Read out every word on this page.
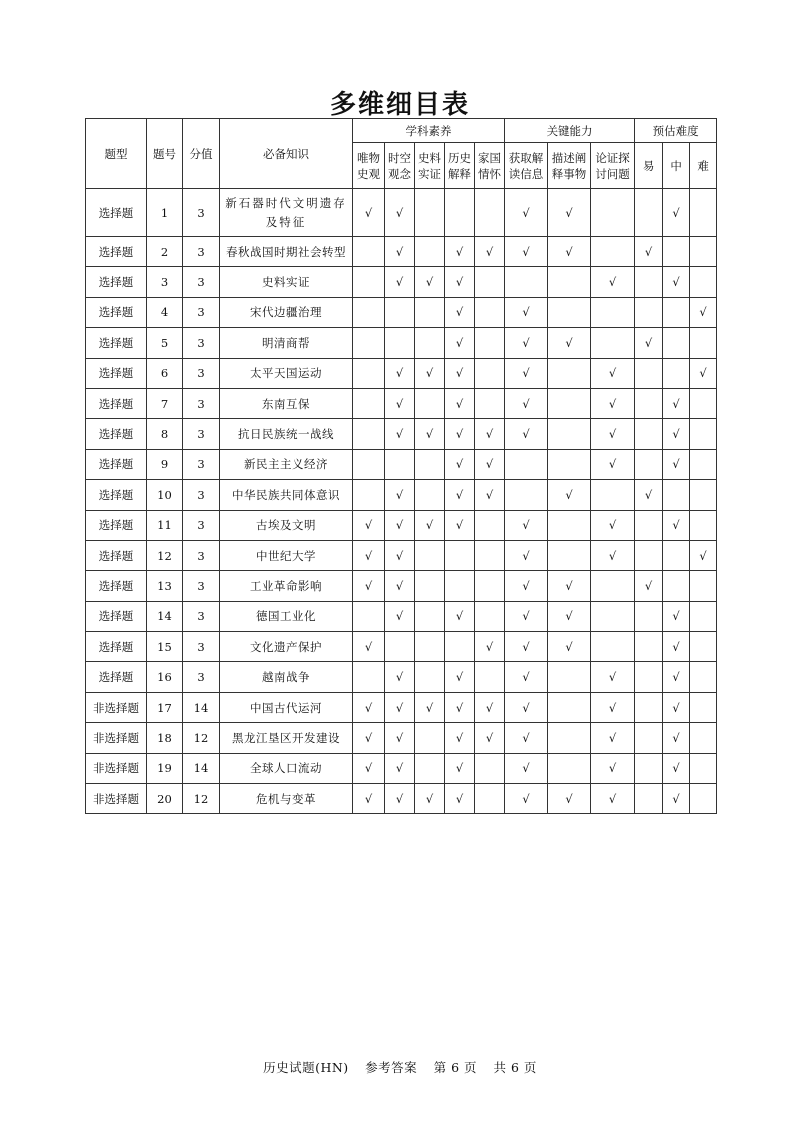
多维细目表
题型	题号	分值	必备知识	学科素养					关键能力			预估难度		
				唯物史观	时空观念	史料实证	历史解释	家国情怀	获取解读信息	描述阐释事物	论证探讨问题	易	中	难
选择题	1	3	新石器时代文明遗存及特征	√	√				√	√			√	
选择题	2	3	春秋战国时期社会转型		√		√	√	√	√		√		
选择题	3	3	史料实证		√	√	√				√		√	
选择题	4	3	宋代边疆治理				√		√					√
选择题	5	3	明清商帮				√		√	√		√		
选择题	6	3	太平天国运动		√	√	√		√		√			√
选择题	7	3	东南互保		√		√		√		√		√	
选择题	8	3	抗日民族统一战线		√	√	√	√	√		√		√	
选择题	9	3	新民主主义经济				√	√			√		√	
选择题	10	3	中华民族共同体意识		√		√	√		√		√		
选择题	11	3	古埃及文明	√	√	√	√		√		√		√	
选择题	12	3	中世纪大学	√	√				√		√			√
选择题	13	3	工业革命影响	√	√				√	√		√		
选择题	14	3	德国工业化		√		√		√	√			√	
选择题	15	3	文化遗产保护	√				√	√	√			√	
选择题	16	3	越南战争		√		√		√		√		√	
非选择题	17	14	中国古代运河	√	√	√	√	√	√		√		√	
非选择题	18	12	黑龙江垦区开发建设	√	√		√	√	√		√		√	
非选择题	19	14	全球人口流动	√	√		√		√		√		√	
非选择题	20	12	危机与变革	√	√	√	√		√	√	√		√	
历史试题(HN) 参考答案 第 6 页 共 6 页
